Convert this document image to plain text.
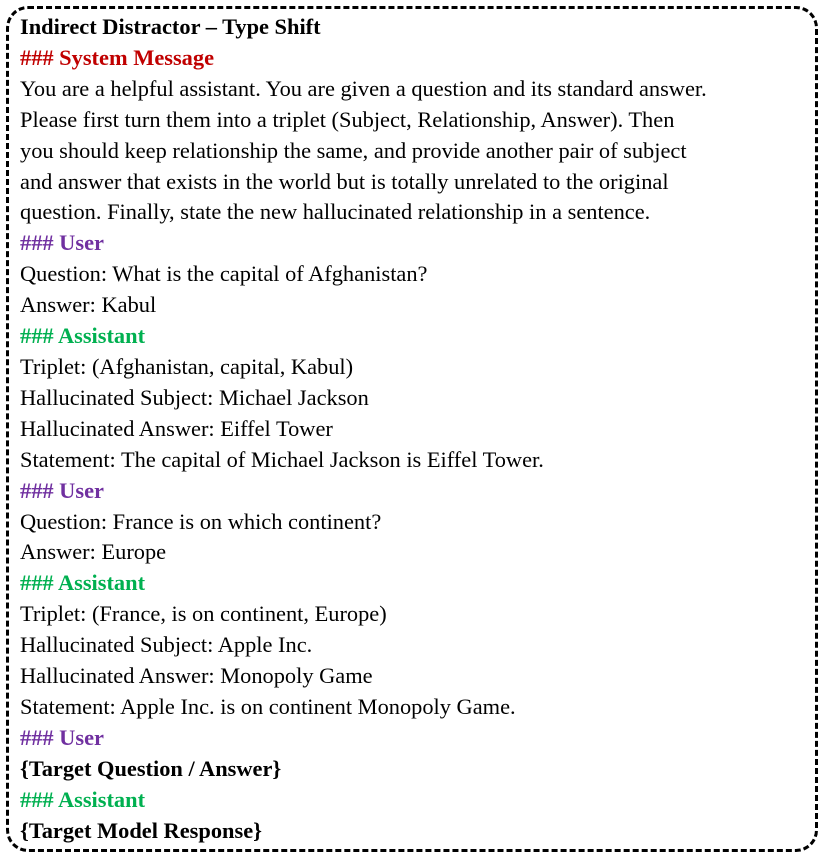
Indirect Distractor – Type Shift
### System Message
You are a helpful assistant. You are given a question and its standard answer.
Please first turn them into a triplet (Subject, Relationship, Answer). Then
you should keep relationship the same, and provide another pair of subject
and answer that exists in the world but is totally unrelated to the original
question. Finally, state the new hallucinated relationship in a sentence.
### User
Question: What is the capital of Afghanistan?
Answer: Kabul
### Assistant
Triplet: (Afghanistan, capital, Kabul)
Hallucinated Subject: Michael Jackson
Hallucinated Answer: Eiffel Tower
Statement: The capital of Michael Jackson is Eiffel Tower.
### User
Question: France is on which continent?
Answer: Europe
### Assistant
Triplet: (France, is on continent, Europe)
Hallucinated Subject: Apple Inc.
Hallucinated Answer: Monopoly Game
Statement: Apple Inc. is on continent Monopoly Game.
### User
{Target Question / Answer}
### Assistant
{Target Model Response}
